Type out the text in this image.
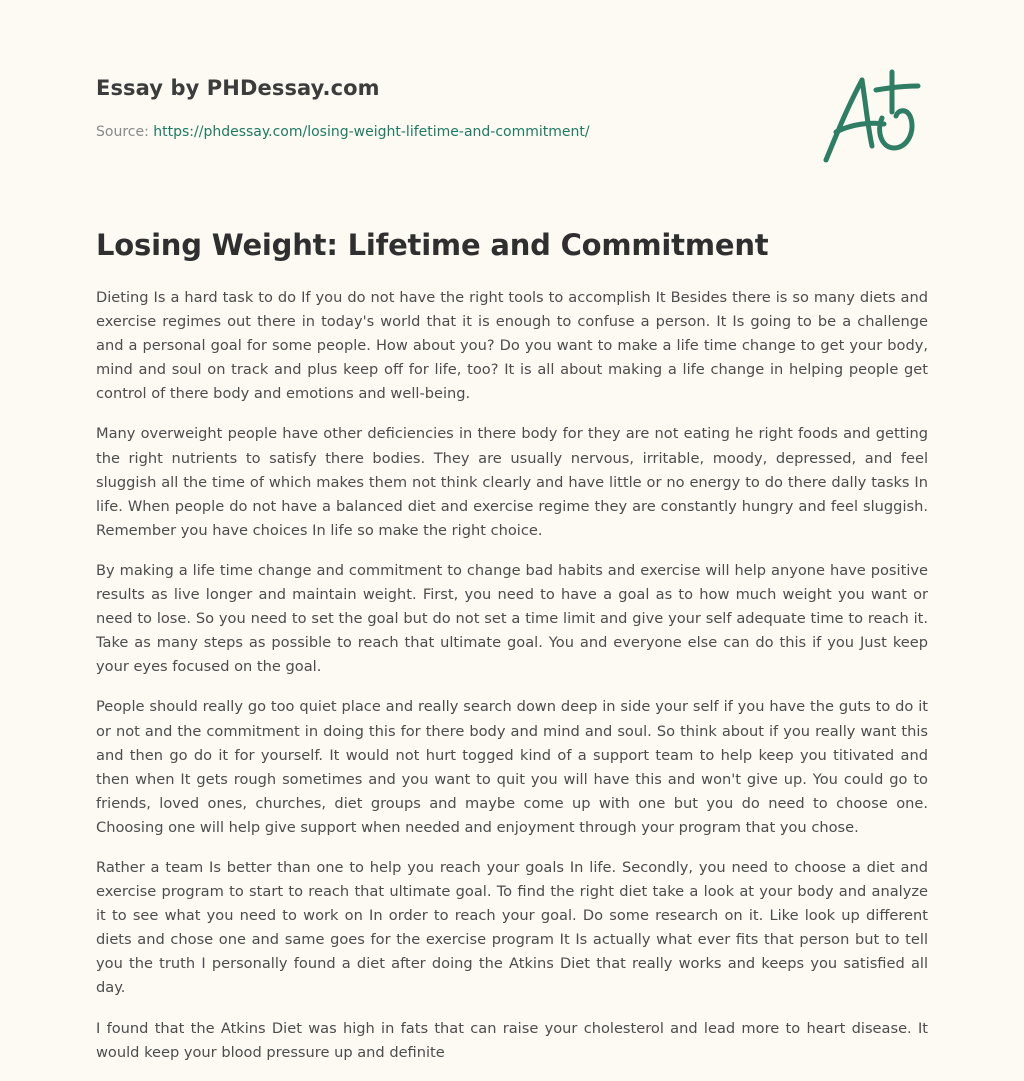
Essay by PHDessay.com
Source: https://phdessay.com/losing-weight-lifetime-and-commitment/
Losing Weight: Lifetime and Commitment

Dieting Is a hard task to do If you do not have the right tools to accomplish It Besides there is so many diets and exercise regimes out there in today's world that it is enough to confuse a person. It Is going to be a challenge and a personal goal for some people. How about you? Do you want to make a life time change to get your body, mind and soul on track and plus keep off for life, too? It is all about making a life change in helping people get control of there body and emotions and well-being.

Many overweight people have other deficiencies in there body for they are not eating he right foods and getting the right nutrients to satisfy there bodies. They are usually nervous, irritable, moody, depressed, and feel sluggish all the time of which makes them not think clearly and have little or no energy to do there dally tasks In life. When people do not have a balanced diet and exercise regime they are constantly hungry and feel sluggish. Remember you have choices In life so make the right choice.

By making a life time change and commitment to change bad habits and exercise will help anyone have positive results as live longer and maintain weight. First, you need to have a goal as to how much weight you want or need to lose. So you need to set the goal but do not set a time limit and give your self adequate time to reach it. Take as many steps as possible to reach that ultimate goal. You and everyone else can do this if you Just keep your eyes focused on the goal.

People should really go too quiet place and really search down deep in side your self if you have the guts to do it or not and the commitment in doing this for there body and mind and soul. So think about if you really want this and then go do it for yourself. It would not hurt togged kind of a support team to help keep you titivated and then when It gets rough sometimes and you want to quit you will have this and won't give up. You could go to friends, loved ones, churches, diet groups and maybe come up with one but you do need to choose one. Choosing one will help give support when needed and enjoyment through your program that you chose.

Rather a team Is better than one to help you reach your goals In life. Secondly, you need to choose a diet and exercise program to start to reach that ultimate goal. To find the right diet take a look at your body and analyze it to see what you need to work on In order to reach your goal. Do some research on it. Like look up different diets and chose one and same goes for the exercise program It Is actually what ever fits that person but to tell you the truth I personally found a diet after doing the Atkins Diet that really works and keeps you satisfied all day.

I found that the Atkins Diet was high in fats that can raise your cholesterol and lead more to heart disease. It would keep your blood pressure up and definite
